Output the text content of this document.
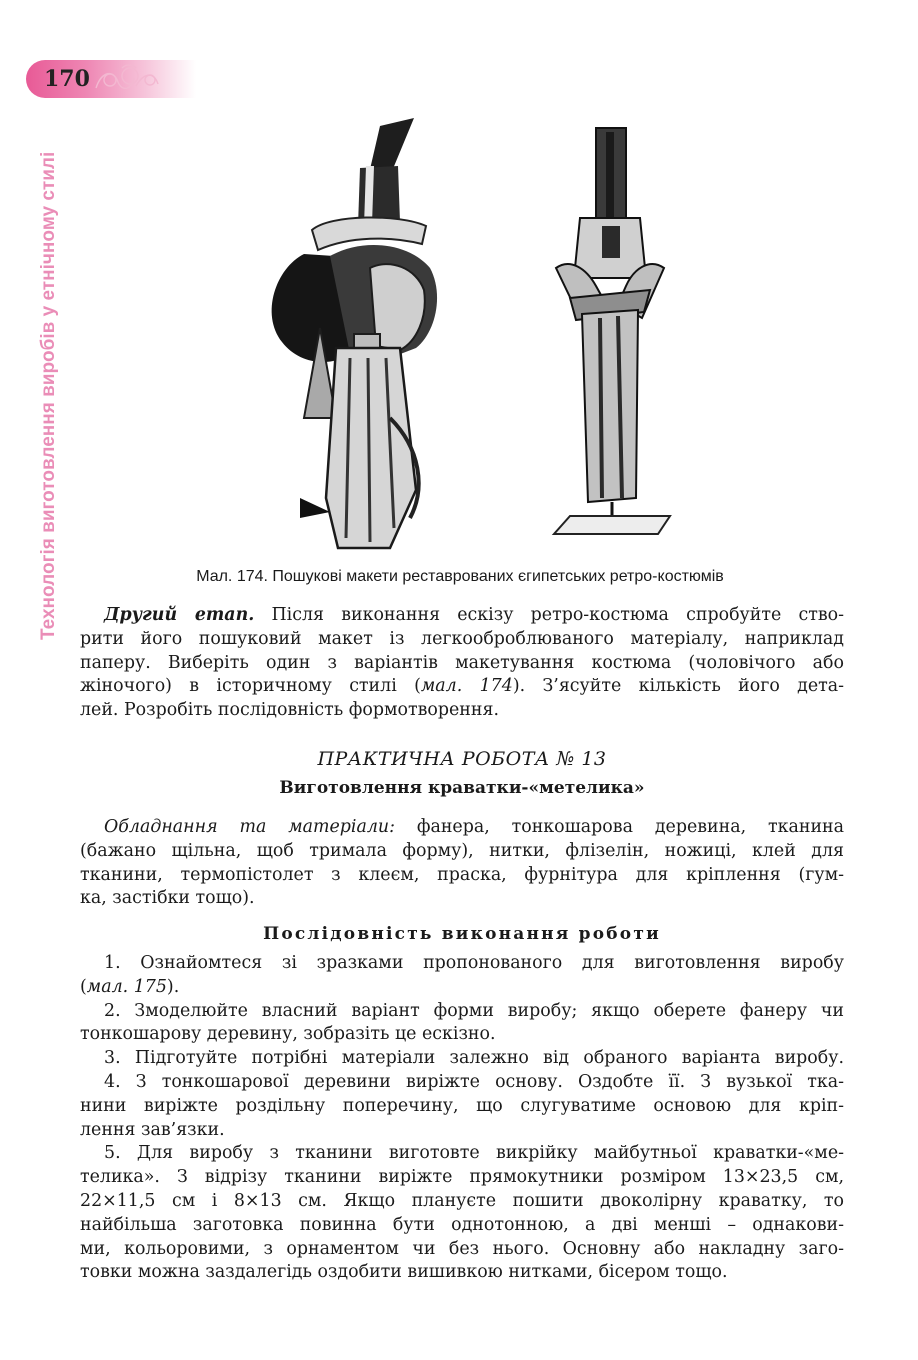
170
Технологія виготовлення виробів у етнічному стилі	Мал. 174. Пошукові макети реставрованих єгипетських ретро-костюмів
Другий етап. Після виконання ескізу ретро-костюма спробуйте ство-
рити його пошуковий макет із легкооброблюваного матеріалу, наприклад
паперу. Виберіть один з варіантів макетування костюма (чоловічого або
жіночого) в історичному стилі (мал. 174). З’ясуйте кількість його дета-
лей. Розробіть послідовність формотворення.
ПРАКТИЧНА РОБОТА № 13
Виготовлення краватки-«метелика»
Обладнання та матеріали: фанера, тонкошарова деревина, тканина
(бажано щільна, щоб тримала форму), нитки, флізелін, ножиці, клей для
тканини, термопістолет з клеєм, праска, фурнітура для кріплення (гум-
ка, застібки тощо).
Послідовність виконання роботи
1. Ознайомтеся зі зразками пропонованого для виготовлення виробу
(мал. 175).
2. Змоделюйте власний варіант форми виробу; якщо оберете фанеру чи
тонкошарову деревину, зобразіть це ескізно.
3. Підготуйте потрібні матеріали залежно від обраного варіанта виробу.
4. З тонкошарової деревини виріжте основу. Оздобте її. З вузької тка-
нини виріжте роздільну поперечину, що слугуватиме основою для кріп-
лення зав’язки.
5. Для виробу з тканини виготовте викрійку майбутньої краватки-«ме-
телика». З відрізу тканини виріжте прямокутники розміром 13×23,5 см,
22×11,5 см і 8×13 см. Якщо плануєте пошити двоколірну краватку, то
найбільша заготовка повинна бути однотонною, а дві менші – однакови-
ми, кольоровими, з орнаментом чи без нього. Основну або накладну заго-
товки можна заздалегідь оздобити вишивкою нитками, бісером тощо.
